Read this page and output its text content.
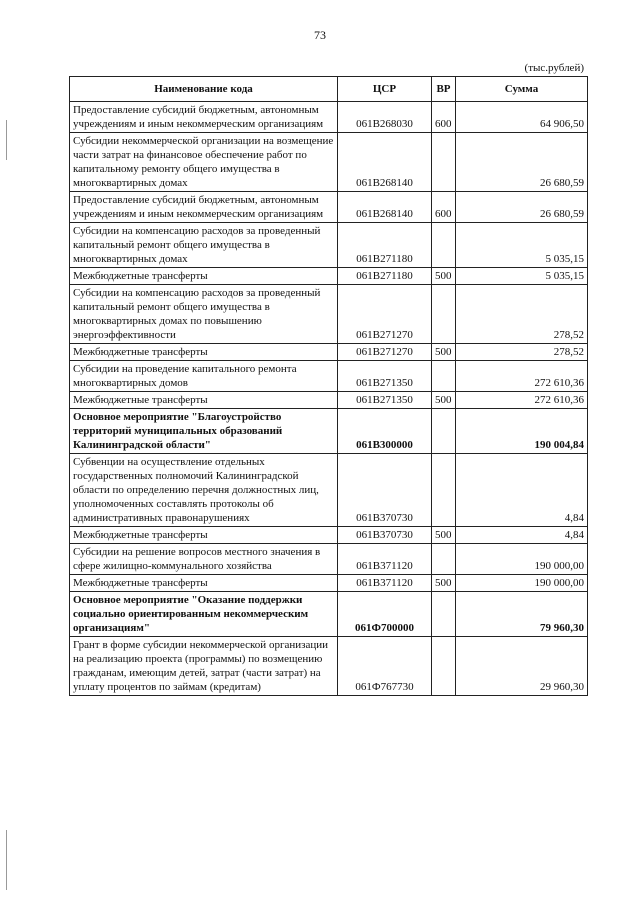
73
(тыс.рублей)
Наименование кода	ЦСР	ВР	Сумма
Предоставление субсидий бюджетным, автономным учреждениям и иным некоммерческим организациям	061В268030	600	64 906,50
Субсидии некоммерческой организации на возмещение части затрат на финансовое обеспечение работ по капитальному ремонту общего имущества в многоквартирных домах	061В268140		26 680,59
Предоставление субсидий бюджетным, автономным учреждениям и иным некоммерческим организациям	061В268140	600	26 680,59
Субсидии на компенсацию расходов за проведенный капитальный ремонт общего имущества в многоквартирных домах	061В271180		5 035,15
Межбюджетные трансферты	061В271180	500	5 035,15
Субсидии на компенсацию расходов за проведенный капитальный ремонт общего имущества в многоквартирных домах по повышению энергоэффективности	061В271270		278,52
Межбюджетные трансферты	061В271270	500	278,52
Субсидии на проведение капитального ремонта многоквартирных домов	061В271350		272 610,36
Межбюджетные трансферты	061В271350	500	272 610,36
Основное мероприятие "Благоустройство территорий муниципальных образований Калининградской области"	061В300000		190 004,84
Субвенции на осуществление отдельных государственных полномочий Калининградской области по определению перечня должностных лиц, уполномоченных составлять протоколы об административных правонарушениях	061В370730		4,84
Межбюджетные трансферты	061В370730	500	4,84
Субсидии на решение вопросов местного значения в сфере жилищно-коммунального хозяйства	061В371120		190 000,00
Межбюджетные трансферты	061В371120	500	190 000,00
Основное мероприятие "Оказание поддержки социально ориентированным некоммерческим организациям"	061Ф700000		79 960,30
Грант в форме субсидии некоммерческой организации на реализацию проекта (программы) по возмещению гражданам, имеющим детей, затрат (части затрат) на уплату процентов по займам (кредитам)	061Ф767730		29 960,30
